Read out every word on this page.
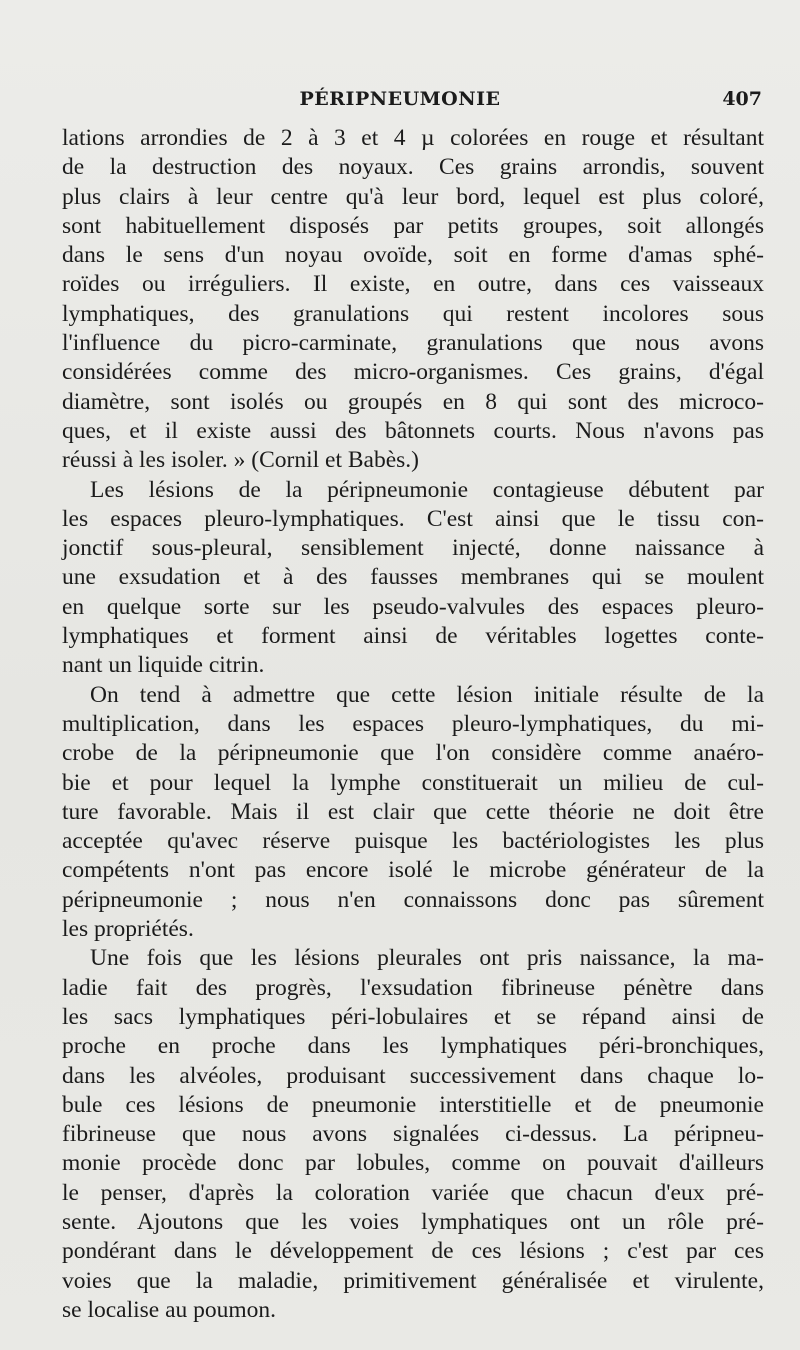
PÉRIPNEUMONIE	407
lations arrondies de 2 à 3 et 4 µ colorées en rouge et résultant
de la destruction des noyaux. Ces grains arrondis, souvent
plus clairs à leur centre qu'à leur bord, lequel est plus coloré,
sont habituellement disposés par petits groupes, soit allongés
dans le sens d'un noyau ovoïde, soit en forme d'amas sphé-
roïdes ou irréguliers. Il existe, en outre, dans ces vaisseaux
lymphatiques, des granulations qui restent incolores sous
l'influence du picro-carminate, granulations que nous avons
considérées comme des micro-organismes. Ces grains, d'égal
diamètre, sont isolés ou groupés en 8 qui sont des microco-
ques, et il existe aussi des bâtonnets courts. Nous n'avons pas
réussi à les isoler. » (Cornil et Babès.)
Les lésions de la péripneumonie contagieuse débutent par
les espaces pleuro-lymphatiques. C'est ainsi que le tissu con-
jonctif sous-pleural, sensiblement injecté, donne naissance à
une exsudation et à des fausses membranes qui se moulent
en quelque sorte sur les pseudo-valvules des espaces pleuro-
lymphatiques et forment ainsi de véritables logettes conte-
nant un liquide citrin.
On tend à admettre que cette lésion initiale résulte de la
multiplication, dans les espaces pleuro-lymphatiques, du mi-
crobe de la péripneumonie que l'on considère comme anaéro-
bie et pour lequel la lymphe constituerait un milieu de cul-
ture favorable. Mais il est clair que cette théorie ne doit être
acceptée qu'avec réserve puisque les bactériologistes les plus
compétents n'ont pas encore isolé le microbe générateur de la
péripneumonie ; nous n'en connaissons donc pas sûrement
les propriétés.
Une fois que les lésions pleurales ont pris naissance, la ma-
ladie fait des progrès, l'exsudation fibrineuse pénètre dans
les sacs lymphatiques péri-lobulaires et se répand ainsi de
proche en proche dans les lymphatiques péri-bronchiques,
dans les alvéoles, produisant successivement dans chaque lo-
bule ces lésions de pneumonie interstitielle et de pneumonie
fibrineuse que nous avons signalées ci-dessus. La péripneu-
monie procède donc par lobules, comme on pouvait d'ailleurs
le penser, d'après la coloration variée que chacun d'eux pré-
sente. Ajoutons que les voies lymphatiques ont un rôle pré-
pondérant dans le développement de ces lésions ; c'est par ces
voies que la maladie, primitivement généralisée et virulente,
se localise au poumon.
